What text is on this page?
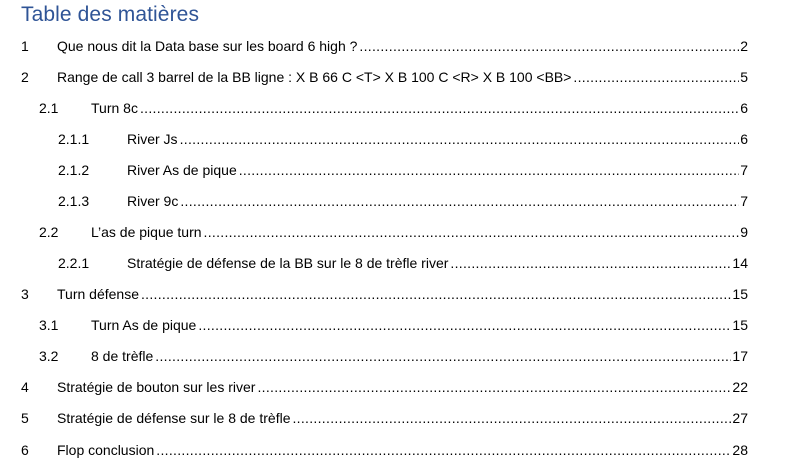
Table des matières
1 Que nous dit la Data base sur les board 6 high ? .....	2
2 Range de call 3 barrel de la BB ligne : X B 66 C <T> X B 100 C <R> X B 100 <BB> .....	5
2.1 Turn 8c .....	6
2.1.1	River Js .....	6
2.1.2	River As de pique .....	7
2.1.3	River 9c .....	7
2.2 L’as de pique turn .....	9
2.2.1	Stratégie de défense de la BB sur le 8 de trèfle river .....	14
3 Turn défense .....	15
3.1 Turn As de pique .....	15
3.2 8 de trèfle .....	17
4 Stratégie de bouton sur les river .....	22
5 Stratégie de défense sur le 8 de trèfle .....	27
6 Flop conclusion .....	28
